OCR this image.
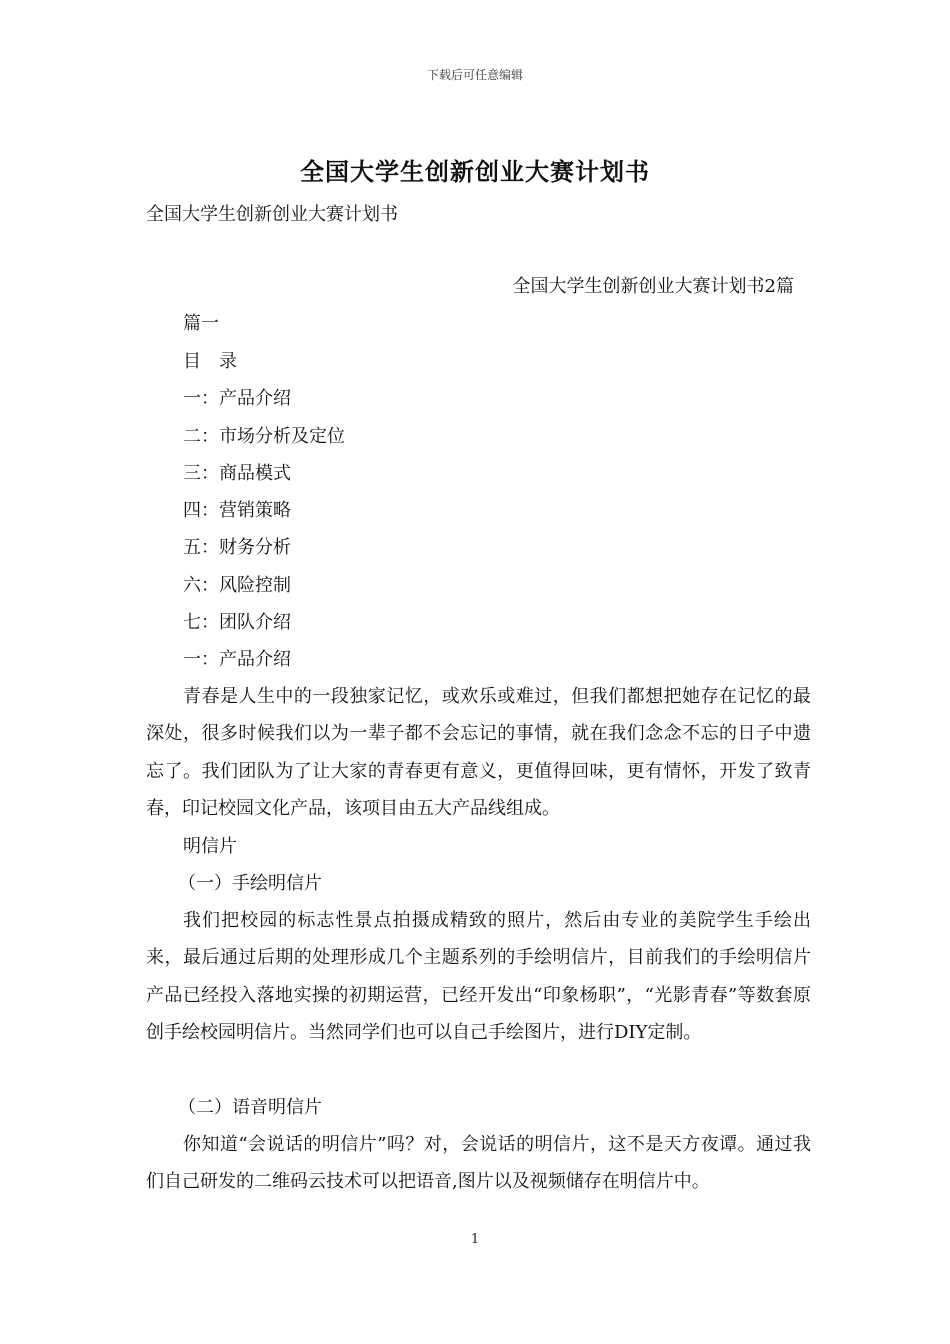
下载后可任意编辑
全国大学生创新创业大赛计划书
全国大学生创新创业大赛计划书
全国大学生创新创业大赛计划书2篇
篇一
目　录
一：产品介绍
二：市场分析及定位
三：商品模式
四：营销策略
五：财务分析
六：风险控制
七：团队介绍
一：产品介绍

青春是人生中的一段独家记忆，或欢乐或难过，但我们都想把她存在记忆的最深处，很多时候我们以为一辈子都不会忘记的事情，就在我们念念不忘的日子中遗忘了。我们团队为了让大家的青春更有意义，更值得回味，更有情怀，开发了致青春，印记校园文化产品，该项目由五大产品线组成。

明信片
（一）手绘明信片

我们把校园的标志性景点拍摄成精致的照片，然后由专业的美院学生手绘出来，最后通过后期的处理形成几个主题系列的手绘明信片，目前我们的手绘明信片产品已经投入落地实操的初期运营，已经开发出“印象杨职”，“光影青春”等数套原创手绘校园明信片。当然同学们也可以自己手绘图片，进行DIY定制。

（二）语音明信片

你知道“会说话的明信片”吗？对，会说话的明信片，这不是天方夜谭。通过我们自己研发的二维码云技术可以把语音,图片以及视频储存在明信片中。

1
